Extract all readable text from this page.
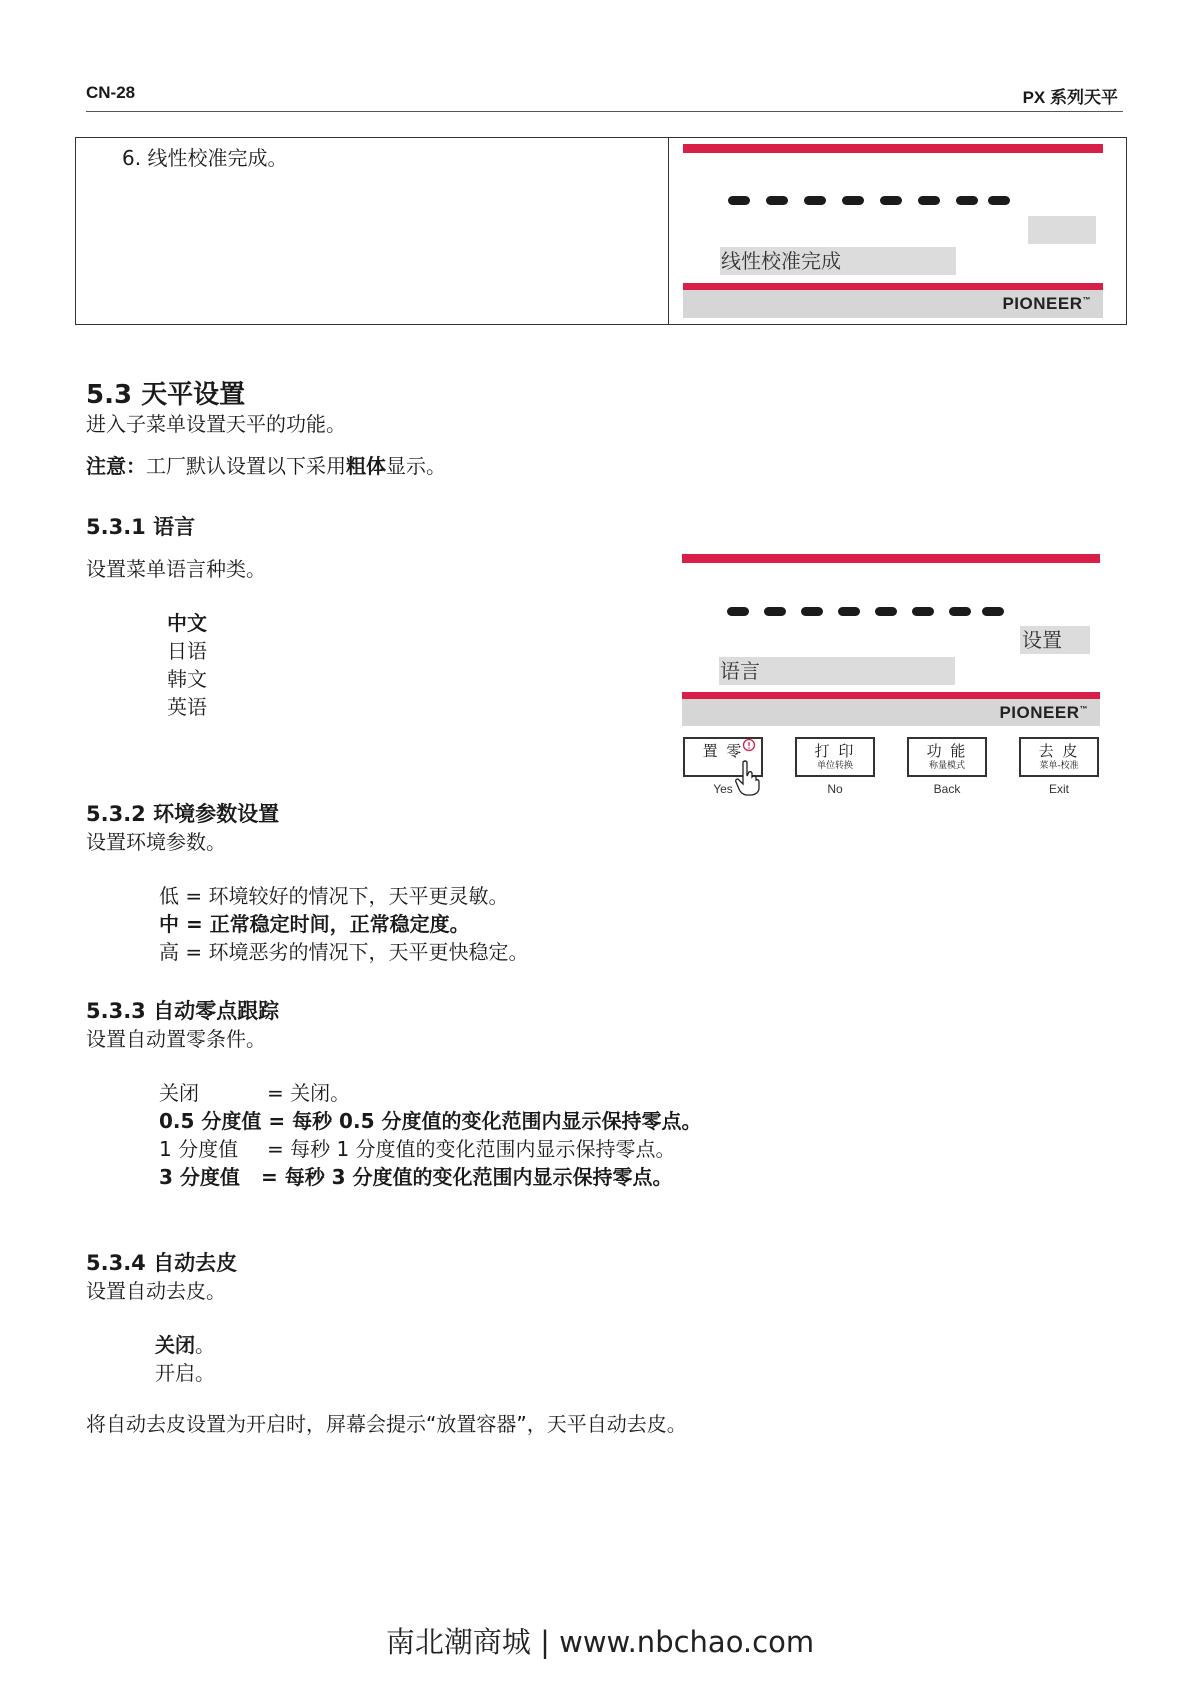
CN-28	PX 系列天平
6. 线性校准完成。
线性校准完成
PIONEER™
5.3 天平设置
进入子菜单设置天平的功能。
注意：工厂默认设置以下采用粗体显示。
5.3.1 语言
设置菜单语言种类。
中文
日语
韩文
英语
设置
语言
PIONEER™
置 零
Yes
打 印
单位转换
No
功 能
称量模式
Back
去 皮
菜单-校准
Exit
5.3.2 环境参数设置
设置环境参数。
低 = 环境较好的情况下，天平更灵敏。
中 = 正常稳定时间，正常稳定度。
高 = 环境恶劣的情况下，天平更快稳定。
5.3.3 自动零点跟踪
设置自动置零条件。
关闭	= 关闭。
0.5 分度值 = 每秒 0.5 分度值的变化范围内显示保持零点。
1 分度值 = 每秒 1 分度值的变化范围内显示保持零点。
3 分度值 = 每秒 3 分度值的变化范围内显示保持零点。
5.3.4 自动去皮
设置自动去皮。
关闭。
开启。
将自动去皮设置为开启时，屏幕会提示“放置容器”，天平自动去皮。
南北潮商城 | www.nbchao.com
